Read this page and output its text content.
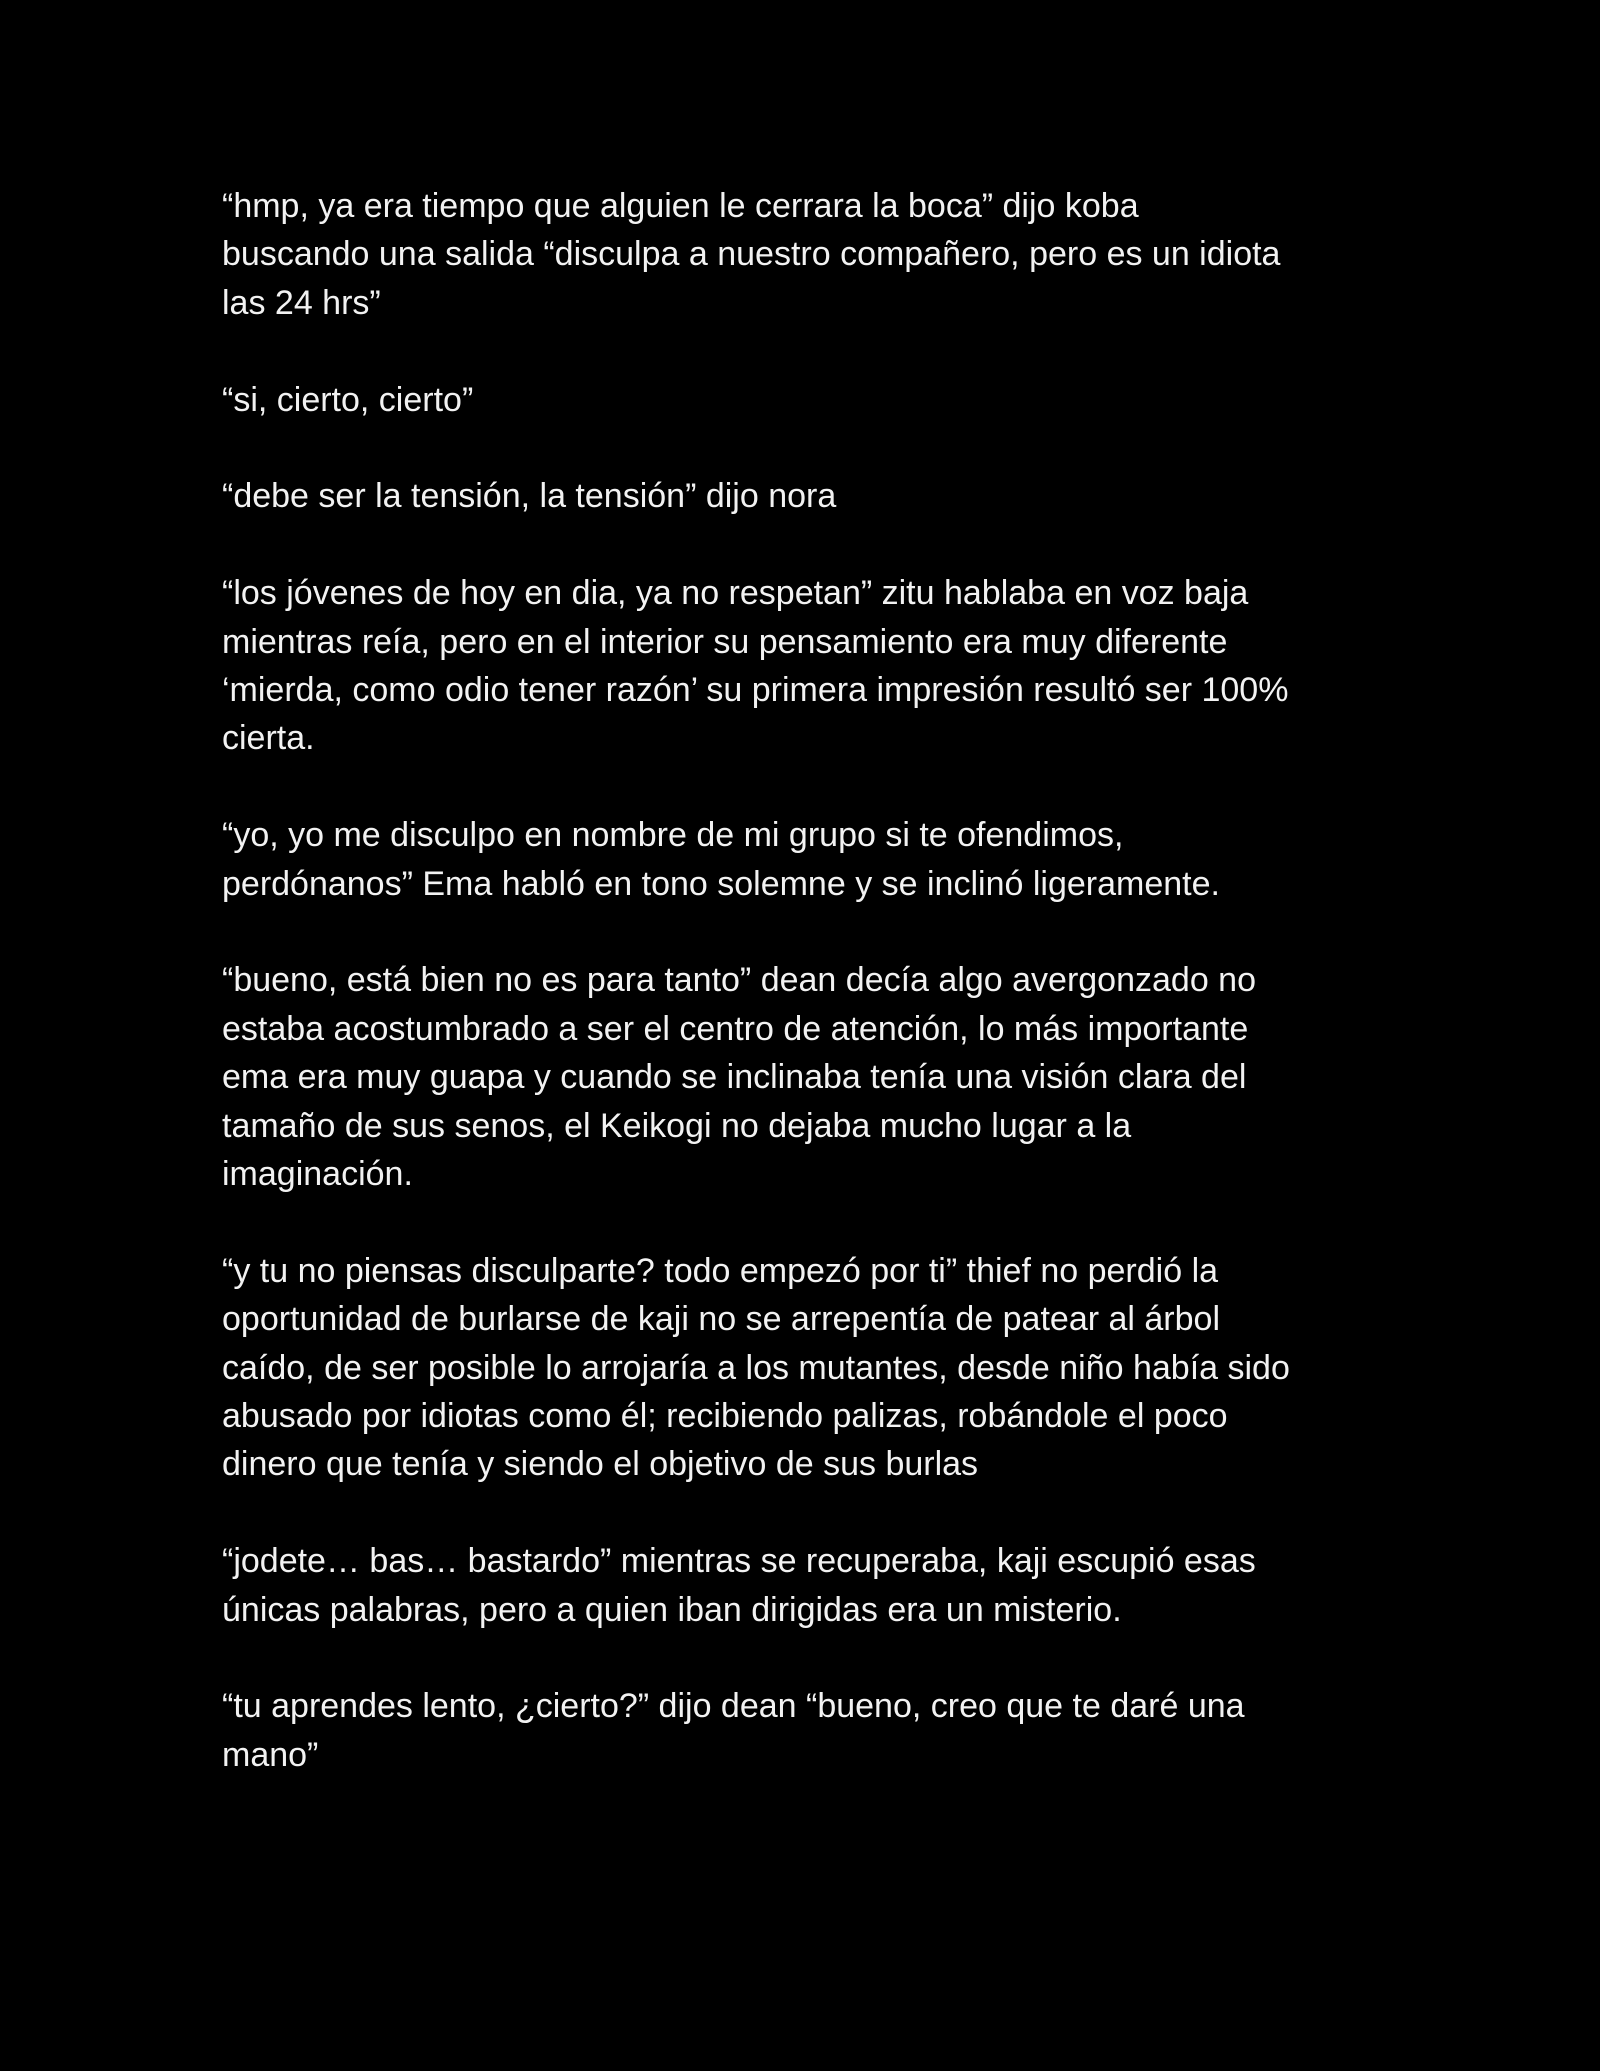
“hmp, ya era tiempo que alguien le cerrara la boca” dijo koba
buscando una salida “disculpa a nuestro compañero, pero es un idiota
las 24 hrs”

“si, cierto, cierto”

“debe ser la tensión, la tensión” dijo nora

“los jóvenes de hoy en dia, ya no respetan” zitu hablaba en voz baja
mientras reía, pero en el interior su pensamiento era muy diferente
‘mierda, como odio tener razón’ su primera impresión resultó ser 100%
cierta.

“yo, yo me disculpo en nombre de mi grupo si te ofendimos,
perdónanos” Ema habló en tono solemne y se inclinó ligeramente.

“bueno, está bien no es para tanto” dean decía algo avergonzado no
estaba acostumbrado a ser el centro de atención, lo más importante
ema era muy guapa y cuando se inclinaba tenía una visión clara del
tamaño de sus senos, el Keikogi no dejaba mucho lugar a la
imaginación.

“y tu no piensas disculparte? todo empezó por ti” thief no perdió la
oportunidad de burlarse de kaji no se arrepentía de patear al árbol
caído, de ser posible lo arrojaría a los mutantes, desde niño había sido
abusado por idiotas como él; recibiendo palizas, robándole el poco
dinero que tenía y siendo el objetivo de sus burlas

“jodete… bas… bastardo” mientras se recuperaba, kaji escupió esas
únicas palabras, pero a quien iban dirigidas era un misterio.

“tu aprendes lento, ¿cierto?” dijo dean “bueno, creo que te daré una
mano”
